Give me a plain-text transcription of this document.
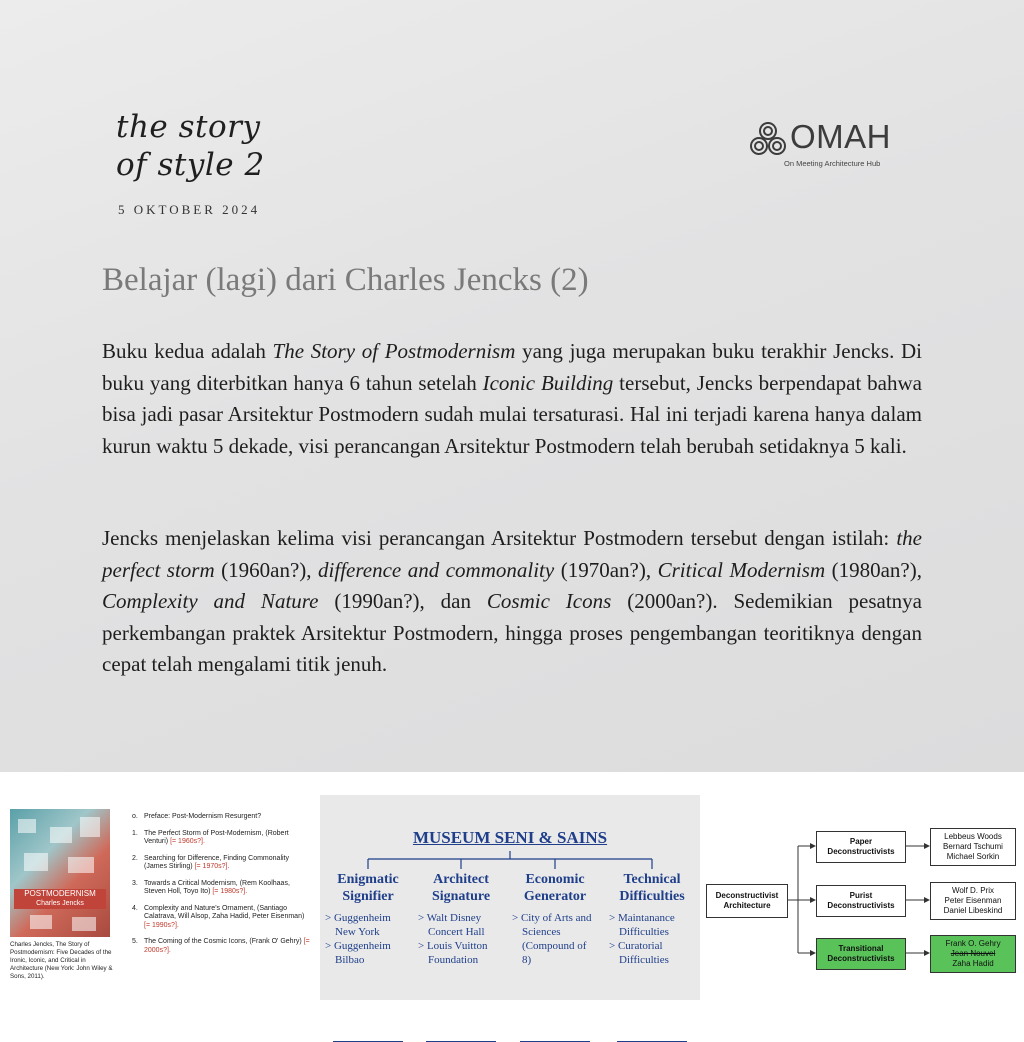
the story
of style 2
5 OKTOBER 2024
OMAH
On Meeting Architecture Hub
Belajar (lagi) dari Charles Jencks (2)
Buku kedua adalah The Story of Postmodernism yang juga merupakan buku terakhir Jencks. Di buku yang diterbitkan hanya 6 tahun setelah Iconic Building tersebut, Jencks berpendapat bahwa bisa jadi pasar Arsitektur Postmodern sudah mulai tersaturasi. Hal ini terjadi karena hanya dalam kurun waktu 5 dekade, visi perancangan Arsitektur Postmodern telah berubah setidaknya 5 kali.
Jencks menjelaskan kelima visi perancangan Arsitektur Postmodern tersebut dengan istilah: the perfect storm (1960an?), difference and commonality (1970an?), Critical Modernism (1980an?), Complexity and Nature (1990an?), dan Cosmic Icons (2000an?). Sedemikian pesatnya perkembangan praktek Arsitektur Postmodern, hingga proses pengembangan teoritiknya dengan cepat telah mengalami titik jenuh.
POSTMODERNISM
Charles Jencks
Charles Jencks, The Story of Postmodernism: Five Decades of the Ironic, Iconic, and Critical in Architecture (New York: John Wiley & Sons, 2011).
o. Preface: Post-Modernism Resurgent?
1. The Perfect Storm of Post-Modernism, (Robert Venturi) [= 1960s?].
2. Searching for Difference, Finding Commonality (James Stirling) [= 1970s?].
3. Towards a Critical Modernism, (Rem Koolhaas, Steven Holl, Toyo Ito) [= 1980s?].
4. Complexity and Nature's Ornament, (Santiago Calatrava, Will Alsop, Zaha Hadid, Peter Eisenman) [= 1990s?].
5. The Coming of the Cosmic Icons, (Frank O' Gehry) [= 2000s?].
MUSEUM SENI & SAINS
Enigmatic
Signifier
> Guggenheim New York
> Guggenheim Bilbao
Architect
Signature
> Walt Disney Concert Hall
> Louis Vuitton Foundation
Economic
Generator
> City of Arts and Sciences (Compound of 8)
Technical
Difficulties
> Maintanance Difficulties
> Curatorial Difficulties
Deconstructivist Architecture
Paper Deconstructivists
Lebbeus Woods
Bernard Tschumi
Michael Sorkin
Purist Deconstructivists
Wolf D. Prix
Peter Eisenman
Daniel Libeskind
Transitional Deconstructivists
Frank O. Gehry
Jean Nouvel
Zaha Hadid
